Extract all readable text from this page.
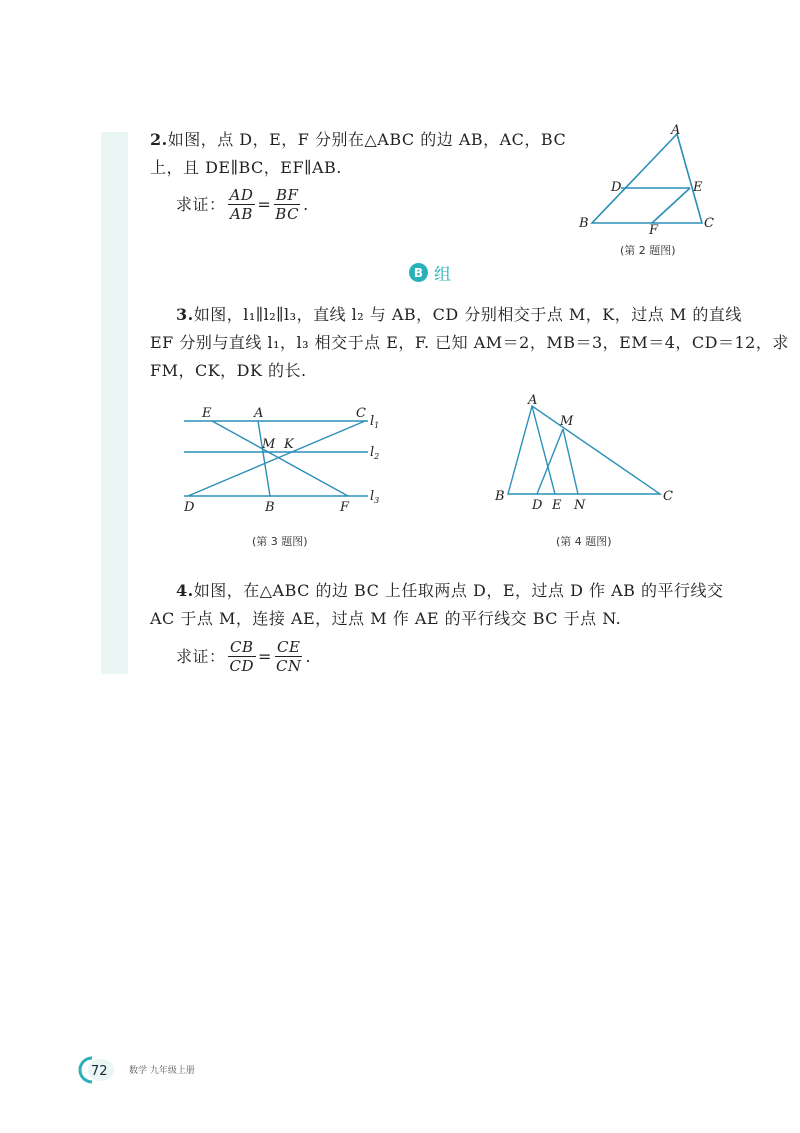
2.如图，点 D，E，F 分别在△ABC 的边 AB，AC，BC
上，且 DE∥BC，EF∥AB.
求证： $\frac{AD}{AB} = \frac{BF}{BC}$ .
A
B	C
D	E
F
(第 2 题图)
B 组
3.如图，l₁∥l₂∥l₃，直线 l₂ 与 AB，CD 分别相交于点 M，K，过点 M 的直线
EF 分别与直线 l₁，l₃ 相交于点 E，F. 已知 AM＝2，MB＝3，EM＝4，CD＝12，求
FM，CK，DK 的长.
E	A	C
M K
D	B	F
$l_1$
$l_2$
$l_3$
(第 3 题图)
A
M
B
D E N
C
(第 4 题图)
4.如图，在△ABC 的边 BC 上任取两点 D，E，过点 D 作 AB 的平行线交
AC 于点 M，连接 AE，过点 M 作 AE 的平行线交 BC 于点 N.
求证： $\frac{CB}{CD} = \frac{CE}{CN}$ .
72 数学 九年级上册
